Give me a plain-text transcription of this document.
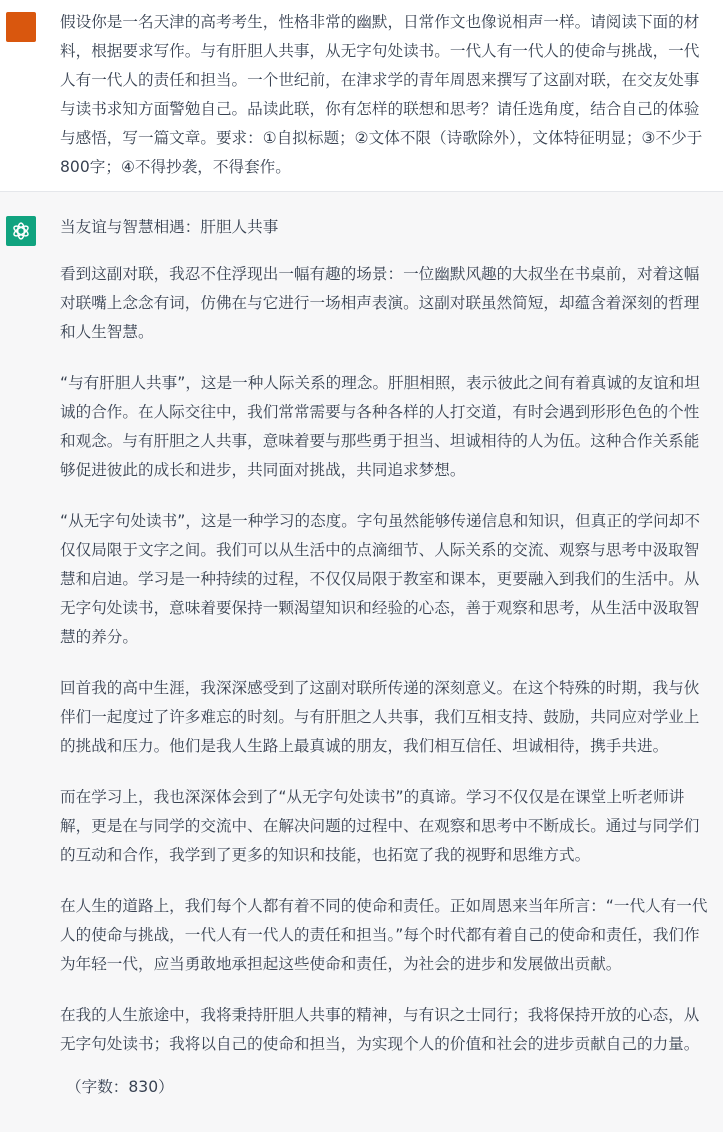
假设你是一名天津的高考考生，性格非常的幽默，日常作文也像说相声一样。请阅读下面的材料，根据要求写作。与有肝胆人共事，从无字句处读书。一代人有一代人的使命与挑战，一代人有一代人的责任和担当。一个世纪前，在津求学的青年周恩来撰写了这副对联，在交友处事与读书求知方面警勉自己。品读此联，你有怎样的联想和思考？请任选角度，结合自己的体验与感悟，写一篇文章。要求：①自拟标题；②文体不限（诗歌除外），文体特征明显；③不少于800字；④不得抄袭，不得套作。

当友谊与智慧相遇：肝胆人共事

看到这副对联，我忍不住浮现出一幅有趣的场景：一位幽默风趣的大叔坐在书桌前，对着这幅对联嘴上念念有词，仿佛在与它进行一场相声表演。这副对联虽然简短，却蕴含着深刻的哲理和人生智慧。

“与有肝胆人共事”，这是一种人际关系的理念。肝胆相照，表示彼此之间有着真诚的友谊和坦诚的合作。在人际交往中，我们常常需要与各种各样的人打交道，有时会遇到形形色色的个性和观念。与有肝胆之人共事，意味着要与那些勇于担当、坦诚相待的人为伍。这种合作关系能够促进彼此的成长和进步，共同面对挑战，共同追求梦想。

“从无字句处读书”，这是一种学习的态度。字句虽然能够传递信息和知识，但真正的学问却不仅仅局限于文字之间。我们可以从生活中的点滴细节、人际关系的交流、观察与思考中汲取智慧和启迪。学习是一种持续的过程，不仅仅局限于教室和课本，更要融入到我们的生活中。从无字句处读书，意味着要保持一颗渴望知识和经验的心态，善于观察和思考，从生活中汲取智慧的养分。

回首我的高中生涯，我深深感受到了这副对联所传递的深刻意义。在这个特殊的时期，我与伙伴们一起度过了许多难忘的时刻。与有肝胆之人共事，我们互相支持、鼓励，共同应对学业上的挑战和压力。他们是我人生路上最真诚的朋友，我们相互信任、坦诚相待，携手共进。

而在学习上，我也深深体会到了“从无字句处读书”的真谛。学习不仅仅是在课堂上听老师讲解，更是在与同学的交流中、在解决问题的过程中、在观察和思考中不断成长。通过与同学们的互动和合作，我学到了更多的知识和技能，也拓宽了我的视野和思维方式。

在人生的道路上，我们每个人都有着不同的使命和责任。正如周恩来当年所言：“一代人有一代人的使命与挑战，一代人有一代人的责任和担当。”每个时代都有着自己的使命和责任，我们作为年轻一代，应当勇敢地承担起这些使命和责任，为社会的进步和发展做出贡献。

在我的人生旅途中，我将秉持肝胆人共事的精神，与有识之士同行；我将保持开放的心态，从无字句处读书；我将以自己的使命和担当，为实现个人的价值和社会的进步贡献自己的力量。

（字数：830）
